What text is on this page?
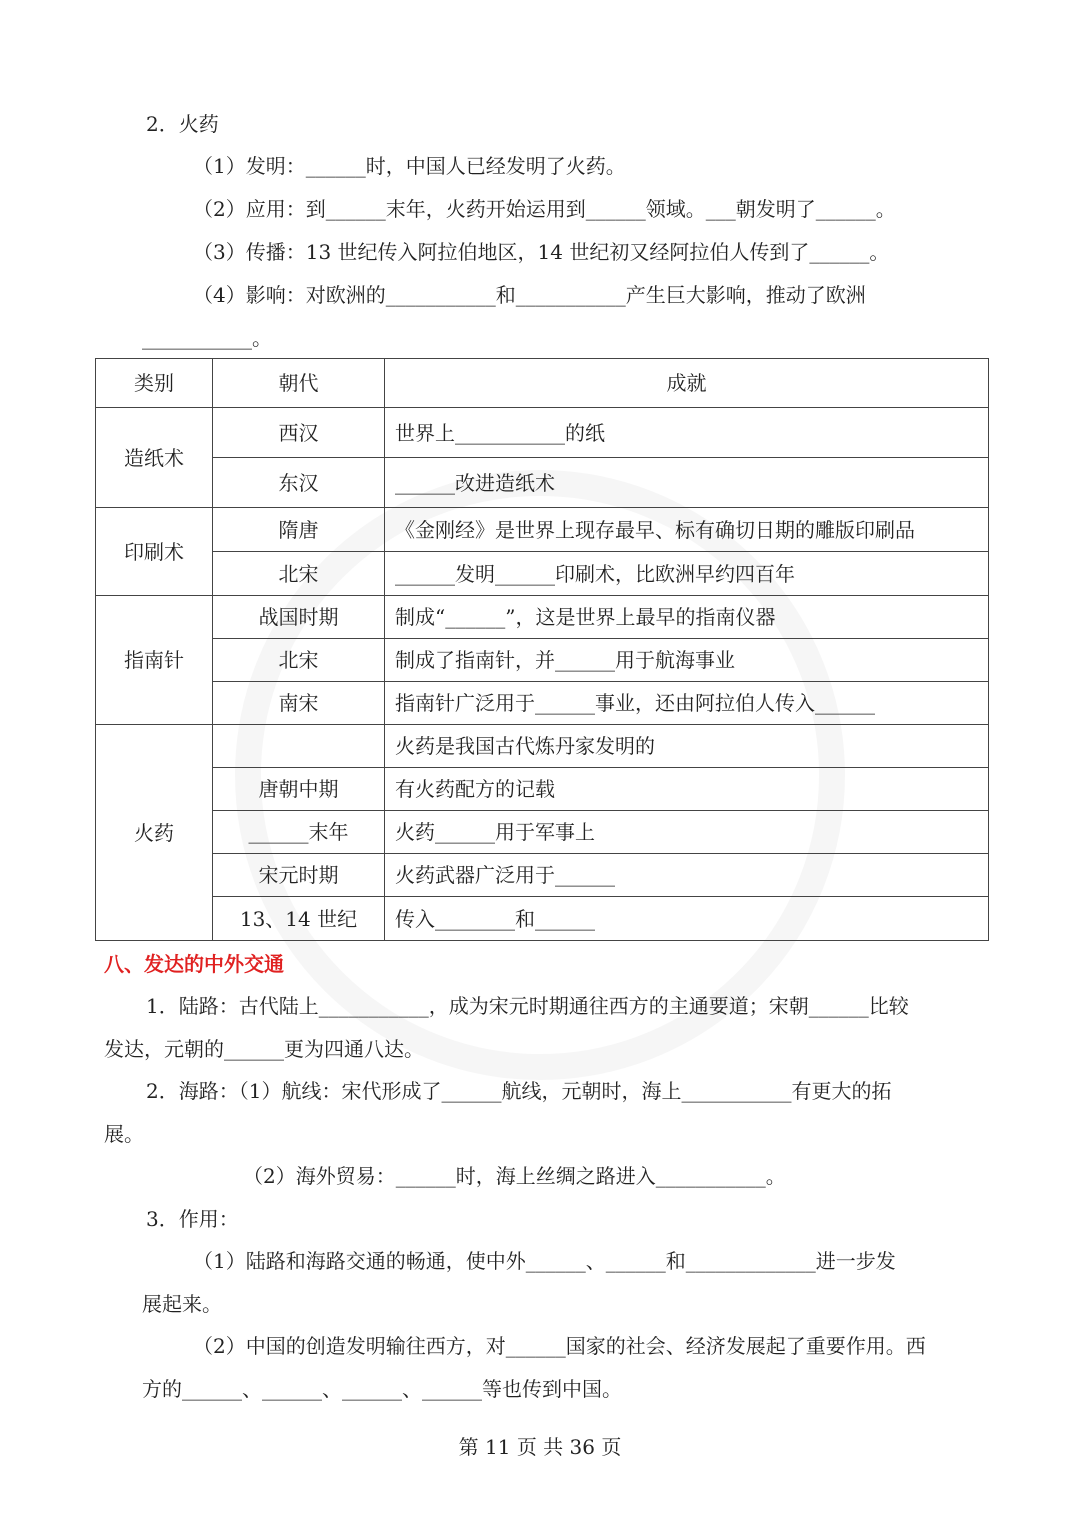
2．火药
（1）发明：______时，中国人已经发明了火药。
（2）应用：到______末年，火药开始运用到______领域。___朝发明了______。
（3）传播：13 世纪传入阿拉伯地区，14 世纪初又经阿拉伯人传到了______。
（4）影响：对欧洲的___________和___________产生巨大影响，推动了欧洲
___________。
类别	朝代	成就
造纸术	西汉	世界上___________的纸
	东汉	______改进造纸术
印刷术	隋唐	《金刚经》是世界上现存最早、标有确切日期的雕版印刷品
	北宋	______发明______印刷术，比欧洲早约四百年
指南针	战国时期	制成“______”，这是世界上最早的指南仪器
	北宋	制成了指南针，并______用于航海事业
	南宋	指南针广泛用于______事业，还由阿拉伯人传入______
火药		火药是我国古代炼丹家发明的
	唐朝中期	有火药配方的记载
	______末年	火药______用于军事上
	宋元时期	火药武器广泛用于______
	13、14 世纪	传入________和______
八、发达的中外交通
1．陆路：古代陆上___________，成为宋元时期通往西方的主通要道；宋朝______比较
发达，元朝的______更为四通八达。
2．海路：（1）航线：宋代形成了______航线，元朝时，海上___________有更大的拓
展。
（2）海外贸易：______时，海上丝绸之路进入___________。
3．作用：
（1）陆路和海路交通的畅通，使中外______、______和_____________进一步发
展起来。
（2）中国的创造发明输往西方，对______国家的社会、经济发展起了重要作用。西
方的______、______、______、______等也传到中国。
第 11 页 共 36 页
